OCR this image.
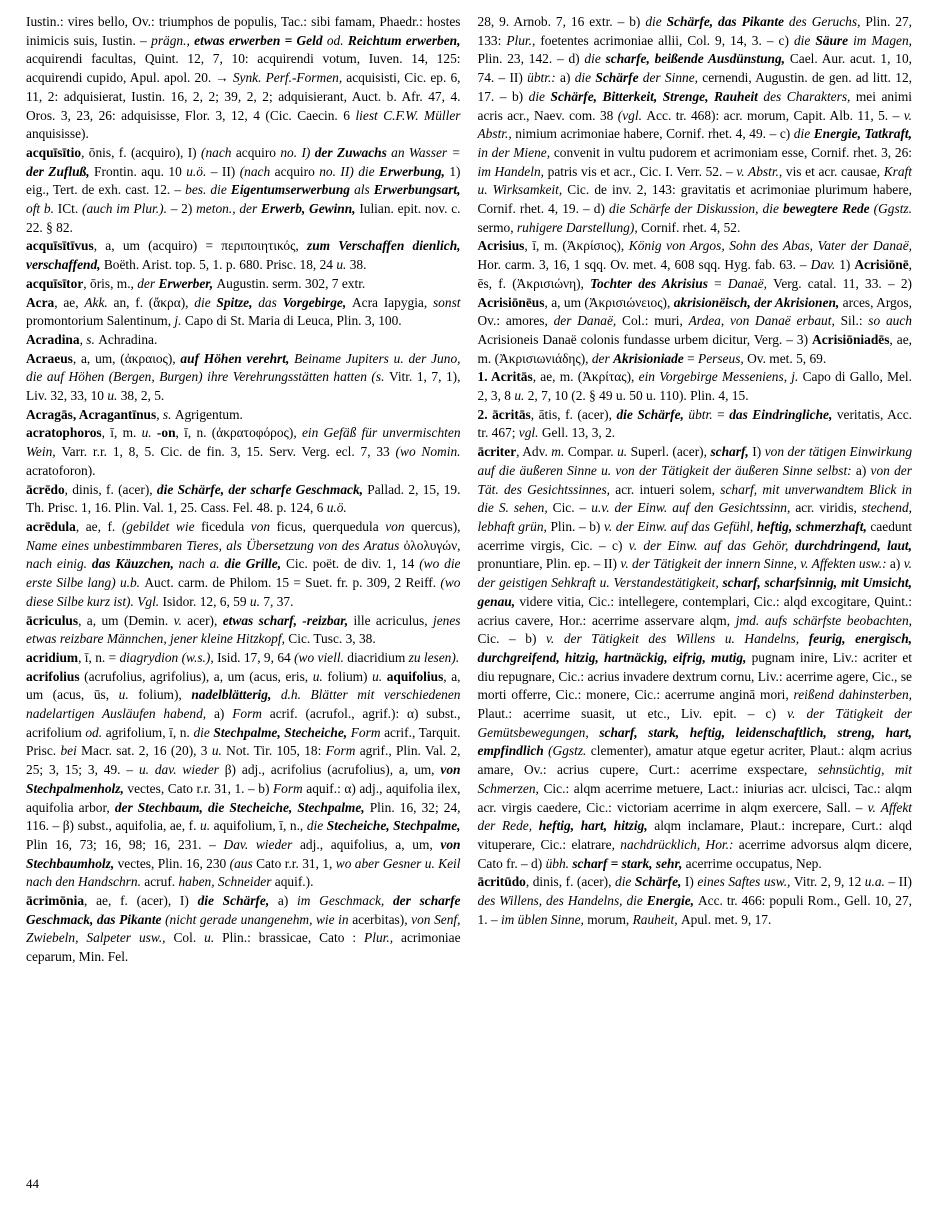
Iustin.: vires bello, Ov.: triumphos de populis, Tac.: sibi famam, Phaedr.: hostes inimicis suis, Iustin. – prägn., etwas erwerben = Geld od. Reichtum erwerben, acquirendi facultas, Quint. 12, 7, 10: acquirendi votum, Iuven. 14, 125: acquirendi cupido, Apul. apol. 20. → Synk. Perf.-Formen, acquisisti, Cic. ep. 6, 11, 2: adquisierat, Iustin. 16, 2, 2; 39, 2, 2; adquisierant, Auct. b. Afr. 47, 4. Oros. 3, 23, 26: adquisisse, Flor. 3, 12, 4 (Cic. Caecin. 6 liest C.F.W. Müller anquisisse).

acquīsītio, ōnis, f. (acquiro), I) (nach acquiro no. I) der Zuwachs an Wasser = der Zufluß, Frontin. aqu. 10 u.ö. – II) (nach acquiro no. II) die Erwerbung, 1) eig., Tert. de exh. cast. 12. – bes. die Eigentumserwerbung als Erwerbungsart, oft b. ICt. (auch im Plur.). – 2) meton., der Erwerb, Gewinn, Iulian. epit. nov. c. 22. § 82.

acquīsītīvus, a, um (acquiro) = περιποιητικός, zum Verschaffen dienlich, verschaffend, Boëth. Arist. top. 5, 1. p. 680. Prisc. 18, 24 u. 38.

acquīsītor, ōris, m., der Erwerber, Augustin. serm. 302, 7 extr.

Acra, ae, Akk. an, f. (ἄκρα), die Spitze, das Vorgebirge, Acra Iapygia, sonst promontorium Salentinum, j. Capo di St. Maria di Leuca, Plin. 3, 100.

Acradina, s. Achradina.

Acraeus, a, um, (ἀκραιος), auf Höhen verehrt, Beiname Jupiters u. der Juno, die auf Höhen (Bergen, Burgen) ihre Verehrungsstätten hatten (s. Vitr. 1, 7, 1), Liv. 32, 33, 10 u. 38, 2, 5.

Acragās, Acragantīnus, s. Agrigentum.

acratophoros, ī, m. u. -on, ī, n. (ἀκρατοφόρος), ein Gefäß für unvermischten Wein, Varr. r.r. 1, 8, 5. Cic. de fin. 3, 15. Serv. Verg. ecl. 7, 33 (wo Nomin. acratoforon).

ācrēdo, dinis, f. (acer), die Schärfe, der scharfe Geschmack, Pallad. 2, 15, 19. Th. Prisc. 1, 16. Plin. Val. 1, 25. Cass. Fel. 48. p. 124, 6 u.ö.

acrēdula, ae, f. (gebildet wie ficedula von ficus, querquedula von quercus), Name eines unbestimmbaren Tieres, als Übersetzung von des Aratus ὀλολυγών, nach einig. das Käuzchen, nach a. die Grille, Cic. poët. de div. 1, 14 (wo die erste Silbe lang) u.b. Auct. carm. de Philom. 15 = Suet. fr. p. 309, 2 Reiff. (wo diese Silbe kurz ist). Vgl. Isidor. 12, 6, 59 u. 7, 37.

ācriculus, a, um (Demin. v. acer), etwas scharf, -reizbar, ille acriculus, jenes etwas reizbare Männchen, jener kleine Hitzkopf, Cic. Tusc. 3, 38.

acridium, ī, n. = diagrydion (w.s.), Isid. 17, 9, 64 (wo viell. diacridium zu lesen).

acrifolius (acrufolius, agrifolius), a, um (acus, eris, u. folium) u. aquifolius, a, um (acus, ūs, u. folium), nadelblätterig, d.h. Blätter mit verschiedenen nadelartigen Ausläufen habend, a) Form acrif. (acrufol., agrif.): α) subst., acrifolium od. agrifolium, ī, n. die Stechpalme, Stecheiche, Form acrif., Tarquit. Prisc. bei Macr. sat. 2, 16 (20), 3 u. Not. Tir. 105, 18: Form agrif., Plin. Val. 2, 25; 3, 15; 3, 49. – u. dav. wieder β) adj., acrifolius (acrufolius), a, um, von Stechpalmenholz, vectes, Cato r.r. 31, 1. – b) Form aquif.: α) adj., aquifolia ilex, aquifolia arbor, der Stechbaum, die Stecheiche, Stechpalme, Plin. 16, 32; 24, 116. – β) subst., aquifolia, ae, f. u. aquifolium, ī, n., die Stecheiche, Stechpalme, Plin 16, 73; 16, 98; 16, 231. – Dav. wieder adj., aquifolius, a, um, von Stechbaumholz, vectes, Plin. 16, 230 (aus Cato r.r. 31, 1, wo aber Gesner u. Keil nach den Handschrn. acruf. haben, Schneider aquif.).

ācrimōnia, ae, f. (acer), I) die Schärfe, a) im Geschmack, der scharfe Geschmack, das Pikante (nicht gerade unangenehm, wie in acerbitas), von Senf, Zwiebeln, Salpeter usw., Col. u. Plin.: brassicae, Cato : Plur., acrimoniae ceparum, Min. Fel.

28, 9. Arnob. 7, 16 extr. – b) die Schärfe, das Pikante des Geruchs, Plin. 27, 133: Plur., foetentes acrimoniae allii, Col. 9, 14, 3. – c) die Säure im Magen, Plin. 23, 142. – d) die scharfe, beißende Ausdünstung, Cael. Aur. acut. 1, 10, 74. – II) übtr.: a) die Schärfe der Sinne, cernendi, Augustin. de gen. ad litt. 12, 17. – b) die Schärfe, Bitterkeit, Strenge, Rauheit des Charakters, mei animi acris acr., Naev. com. 38 (vgl. Acc. tr. 468): acr. morum, Capit. Alb. 11, 5. – v. Abstr., nimium acrimoniae habere, Cornif. rhet. 4, 49. – c) die Energie, Tatkraft, in der Miene, convenit in vultu pudorem et acrimoniam esse, Cornif. rhet. 3, 26: im Handeln, patris vis et acr., Cic. I. Verr. 52. – v. Abstr., vis et acr. causae, Kraft u. Wirksamkeit, Cic. de inv. 2, 143: gravitatis et acrimoniae plurimum habere, Cornif. rhet. 4, 19. – d) die Schärfe der Diskussion, die bewegtere Rede (Ggstz. sermo, ruhigere Darstellung), Cornif. rhet. 4, 52.

Acrisius, ī, m. (Ἀκρίσιος), König von Argos, Sohn des Abas, Vater der Danaë, Hor. carm. 3, 16, 1 sqq. Ov. met. 4, 608 sqq. Hyg. fab. 63. – Dav. 1) Acrisiōnē, ēs, f. (Ἀκρισιώνη), Tochter des Akrisius = Danaë, Verg. catal. 11, 33. – 2) Acrisiōnēus, a, um (Ἀκρισιώνειος), akrisionëisch, der Akrisionen, arces, Argos, Ov.: amores, der Danaë, Col.: muri, Ardea, von Danaë erbaut, Sil.: so auch Acrisioneis Danaë colonis fundasse urbem dicitur, Verg. – 3) Acrisiōniadēs, ae, m. (Ἀκρισιωνιάδης), der Akrisioniade = Perseus, Ov. met. 5, 69.

1. Acritās, ae, m. (Ἀκρίτας), ein Vorgebirge Messeniens, j. Capo di Gallo, Mel. 2, 3, 8 u. 2, 7, 10 (2. § 49 u. 50 u. 110). Plin. 4, 15.

2. ācritās, ātis, f. (acer), die Schärfe, übtr. = das Eindringliche, veritatis, Acc. tr. 467; vgl. Gell. 13, 3, 2.

ācriter, Adv. m. Compar. u. Superl. (acer), scharf, I) von der tätigen Einwirkung auf die äußeren Sinne u. von der Tätigkeit der äußeren Sinne selbst: a) von der Tät. des Gesichtssinnes, acr. intueri solem, scharf, mit unverwandtem Blick in die S. sehen, Cic. – u.v. der Einw. auf den Gesichtssinn, acr. viridis, stechend, lebhaft grün, Plin. – b) v. der Einw. auf das Gefühl, heftig, schmerzhaft, caedunt acerrime virgis, Cic. – c) v. der Einw. auf das Gehör, durchdringend, laut, pronuntiare, Plin. ep. – II) v. der Tätigkeit der innern Sinne, v. Affekten usw.: a) v. der geistigen Sehkraft u. Verstandestätigkeit, scharf, scharfsinnig, mit Umsicht, genau, videre vitia, Cic.: intellegere, contemplari, Cic.: alqd excogitare, Quint.: acrius cavere, Hor.: acerrime asservare alqm, jmd. aufs schärfste beobachten, Cic. – b) v. der Tätigkeit des Willens u. Handelns, feurig, energisch, durchgreifend, hitzig, hartnäckig, eifrig, mutig, pugnam inire, Liv.: acriter et diu repugnare, Cic.: acrius invadere dextrum cornu, Liv.: acerrime agere, Cic., se morti offerre, Cic.: monere, Cic.: acerrume anginā mori, reißend dahinsterben, Plaut.: acerrime suasit, ut etc., Liv. epit. – c) v. der Tätigkeit der Gemütsbewegungen, scharf, stark, heftig, leidenschaftlich, streng, hart, empfindlich (Ggstz. clementer), amatur atque egetur acriter, Plaut.: alqm acrius amare, Ov.: acrius cupere, Curt.: acerrime exspectare, sehnsüchtig, mit Schmerzen, Cic.: alqm acerrime metuere, Lact.: iniurias acr. ulcisci, Tac.: alqm acr. virgis caedere, Cic.: victoriam acerrime in alqm exercere, Sall. – v. Affekt der Rede, heftig, hart, hitzig, alqm inclamare, Plaut.: increpare, Curt.: alqd vituperare, Cic.: elatrare, nachdrücklich, Hor.: acerrime advorsus alqm dicere, Cato fr. – d) übh. scharf = stark, sehr, acerrime occupatus, Nep.

ācritūdo, dinis, f. (acer), die Schärfe, I) eines Saftes usw., Vitr. 2, 9, 12 u.a. – II) des Willens, des Handelns, die Energie, Acc. tr. 466: populi Rom., Gell. 10, 27, 1. – im üblen Sinne, morum, Rauheit, Apul. met. 9, 17.

44
